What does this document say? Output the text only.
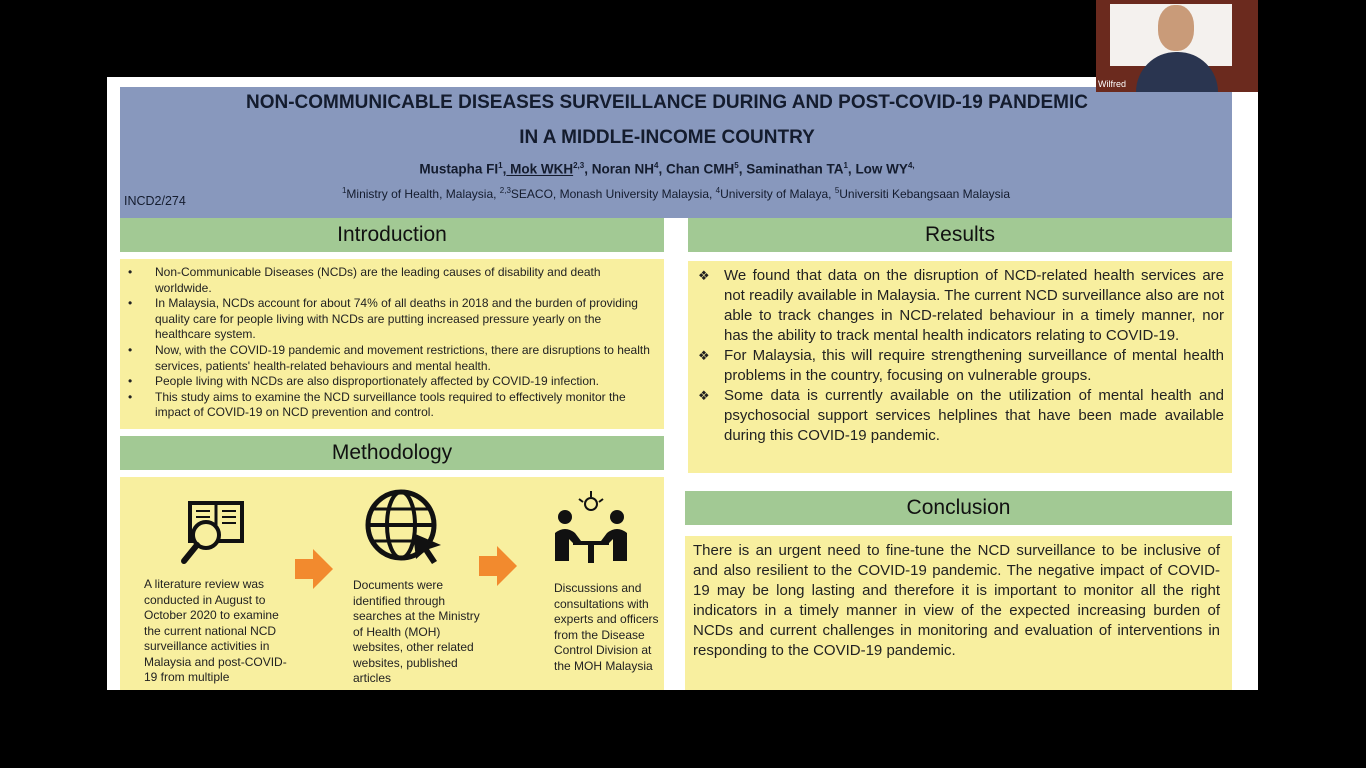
NON-COMMUNICABLE DISEASES SURVEILLANCE DURING AND POST-COVID-19 PANDEMIC
IN A MIDDLE-INCOME COUNTRY
Mustapha $FI^1$, Mok WKH$^{2,3}$, Noran $NH^4$, Chan CMH$^5$, Saminathan $TA^1$, Low $WY^{4,}$
$^1$Ministry of Health, Malaysia, $^{2,3}$SEACO, Monash University Malaysia, $^4$University of Malaya, $^5$Universiti Kebangsaan Malaysia
INCD2/274
Introduction
• Non-Communicable Diseases (NCDs) are the leading causes of disability and death worldwide.
• In Malaysia, NCDs account for about 74% of all deaths in 2018 and the burden of providing quality care for people living with NCDs are putting increased pressure yearly on the healthcare system.
• Now, with the COVID-19 pandemic and movement restrictions, there are disruptions to health services, patients' health-related behaviours and mental health.
• People living with NCDs are also disproportionately affected by COVID-19 infection.
• This study aims to examine the NCD surveillance tools required to effectively monitor the impact of COVID-19 on NCD prevention and control.
Methodology
A literature review was conducted in August to October 2020 to examine the current national NCD surveillance activities in Malaysia and post-COVID-19 from multiple
Documents were identified through searches at the Ministry of Health (MOH) websites, other related websites, published articles
Discussions and consultations with experts and officers from the Disease Control Division at the MOH Malaysia
Results
❖ We found that data on the disruption of NCD-related health services are not readily available in Malaysia. The current NCD surveillance also are not able to track changes in NCD-related behaviour in a timely manner, nor has the ability to track mental health indicators relating to COVID-19.
❖ For Malaysia, this will require strengthening surveillance of mental health problems in the country, focusing on vulnerable groups.
❖ Some data is currently available on the utilization of mental health and psychosocial support services helplines that have been made available during this COVID-19 pandemic.
Conclusion

There is an urgent need to fine-tune the NCD surveillance to be inclusive of and also resilient to the COVID-19 pandemic. The negative impact of COVID-19 may be long lasting and therefore it is important to monitor all the right indicators in a timely manner in view of the expected increasing burden of NCDs and current challenges in monitoring and evaluation of interventions in responding to the COVID-19 pandemic.

Wilfred
